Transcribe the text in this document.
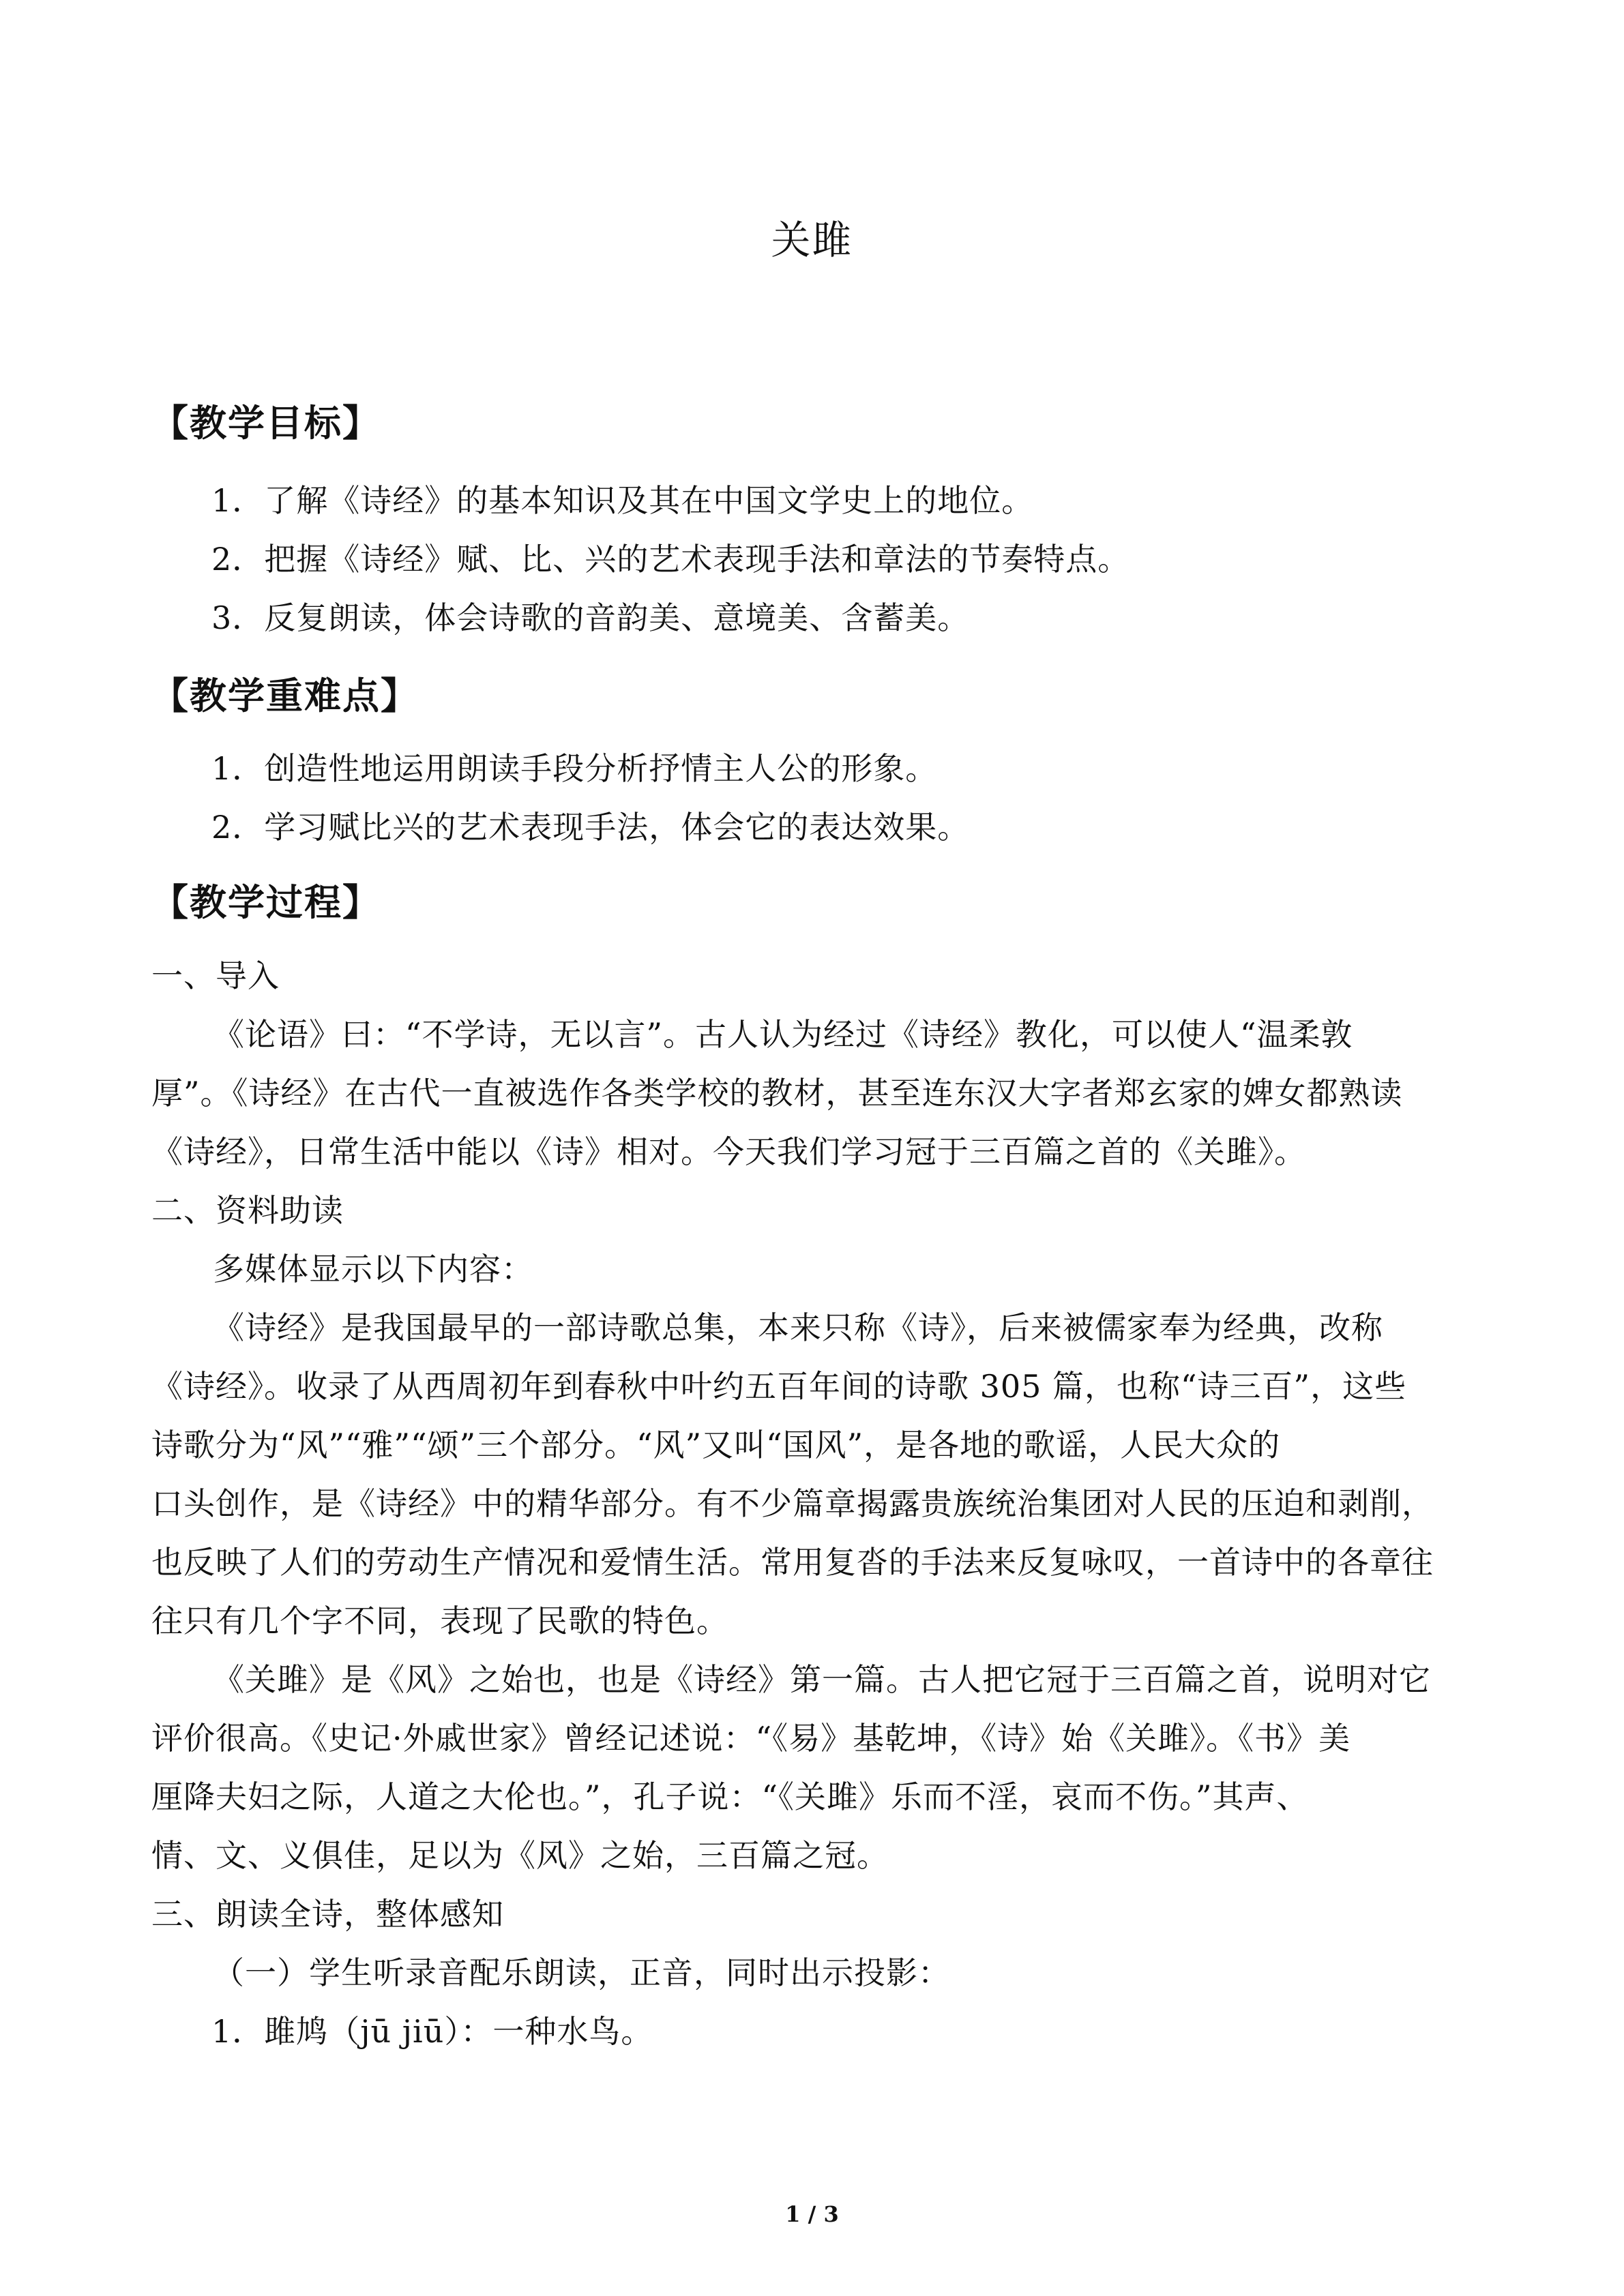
关雎
【教学目标】
1．了解《诗经》的基本知识及其在中国文学史上的地位。
2．把握《诗经》赋、比、兴的艺术表现手法和章法的节奏特点。
3．反复朗读，体会诗歌的音韵美、意境美、含蓄美。
【教学重难点】
1．创造性地运用朗读手段分析抒情主人公的形象。
2．学习赋比兴的艺术表现手法，体会它的表达效果。
【教学过程】
一、导入
《论语》曰：“不学诗，无以言”。古人认为经过《诗经》教化，可以使人“温柔敦
厚”。《诗经》在古代一直被选作各类学校的教材，甚至连东汉大字者郑玄家的婢女都熟读
《诗经》，日常生活中能以《诗》相对。今天我们学习冠于三百篇之首的《关雎》。
二、资料助读
多媒体显示以下内容：
《诗经》是我国最早的一部诗歌总集，本来只称《诗》，后来被儒家奉为经典，改称
《诗经》。收录了从西周初年到春秋中叶约五百年间的诗歌 305 篇，也称“诗三百”，这些
诗歌分为“风”“雅”“颂”三个部分。“风”又叫“国风”，是各地的歌谣，人民大众的
口头创作，是《诗经》中的精华部分。有不少篇章揭露贵族统治集团对人民的压迫和剥削，
也反映了人们的劳动生产情况和爱情生活。常用复沓的手法来反复咏叹，一首诗中的各章往
往只有几个字不同，表现了民歌的特色。
《关雎》是《风》之始也，也是《诗经》第一篇。古人把它冠于三百篇之首，说明对它
评价很高。《史记·外戚世家》曾经记述说：“《易》基乾坤，《诗》始《关雎》。《书》美
厘降夫妇之际，人道之大伦也。”，孔子说：“《关雎》乐而不淫，哀而不伤。”其声、
情、文、义俱佳，足以为《风》之始，三百篇之冠。
三、朗读全诗，整体感知
（一）学生听录音配乐朗读，正音，同时出示投影：
1．雎鸠（jū jiū）：一种水鸟。
1 / 3
